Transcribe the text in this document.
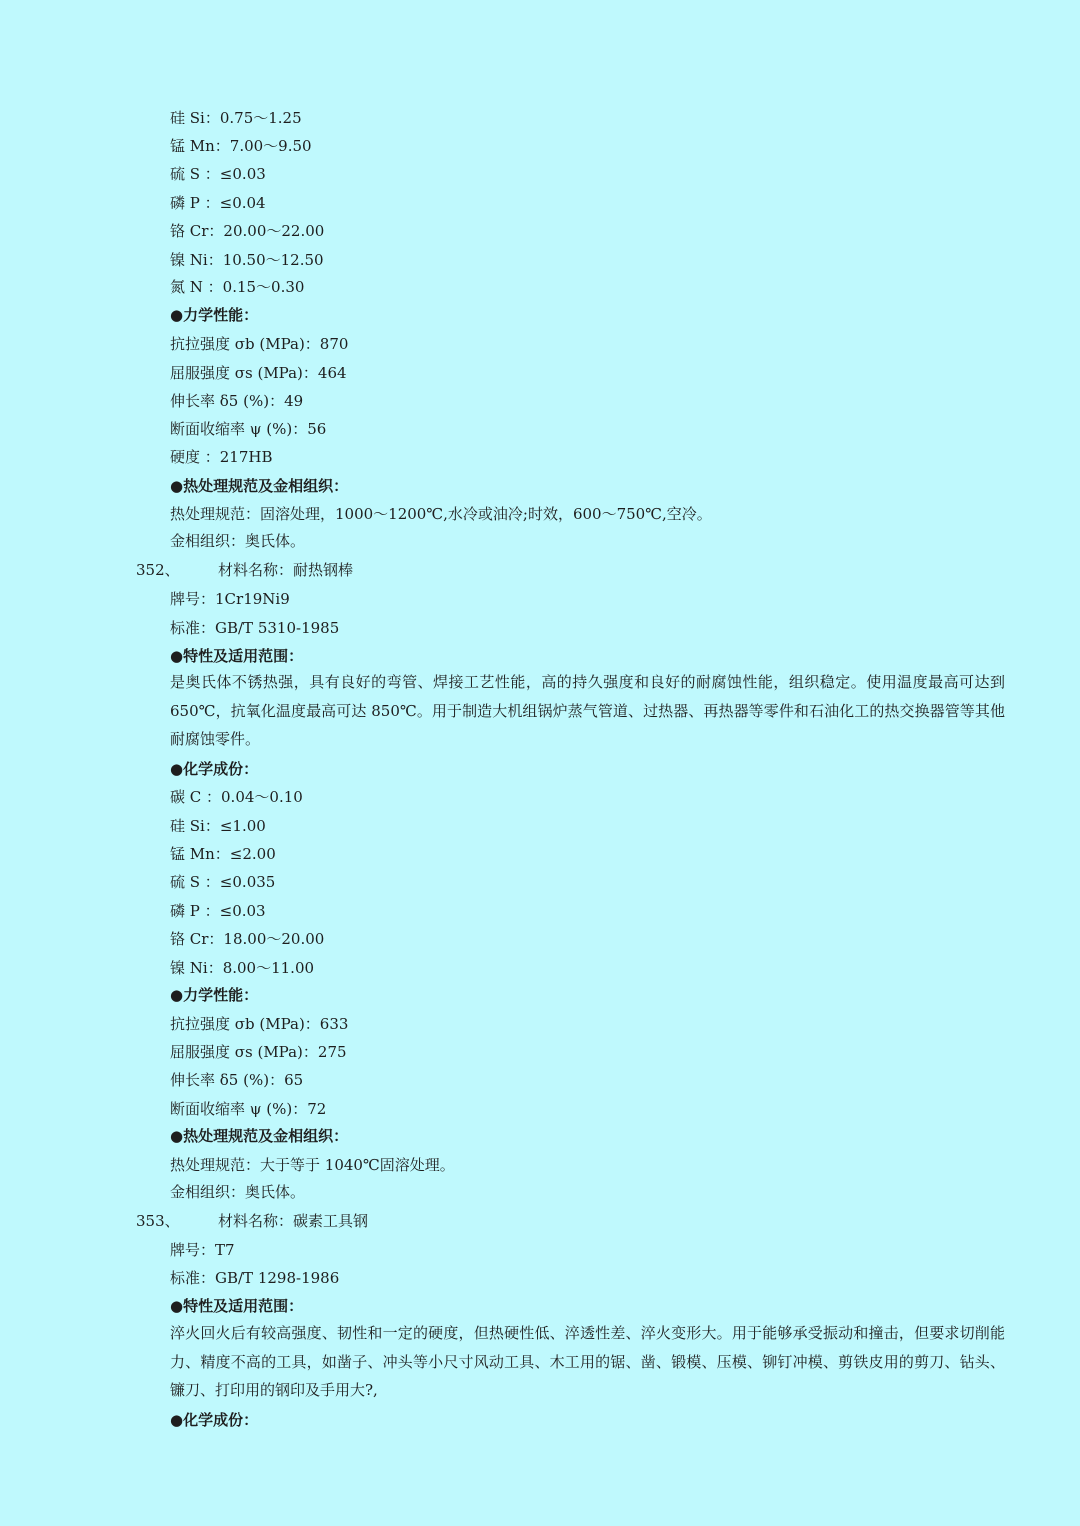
硅 Si：0.75～1.25
锰 Mn：7.00～9.50
硫 S ：≤0.03
磷 P ：≤0.04
铬 Cr：20.00～22.00
镍 Ni：10.50～12.50
氮 N ：0.15～0.30
●力学性能：
抗拉强度 σb (MPa)：870
屈服强度 σs (MPa)：464
伸长率 δ5 (%)：49
断面收缩率 ψ (%)：56
硬度 ：217HB
●热处理规范及金相组织：
热处理规范：固溶处理，1000～1200℃,水冷或油冷;时效，600～750℃,空冷。
金相组织：奥氏体。
352、	材料名称：耐热钢棒
牌号：1Cr19Ni9
标准：GB/T 5310-1985
●特性及适用范围：
是奥氏体不锈热强，具有良好的弯管、焊接工艺性能，高的持久强度和良好的耐腐蚀性能，组织稳定。使用温度最高可达到 650℃，抗氧化温度最高可达 850℃。用于制造大机组锅炉蒸气管道、过热器、再热器等零件和石油化工的热交换器管等其他耐腐蚀零件。
●化学成份：
碳 C ：0.04～0.10
硅 Si：≤1.00
锰 Mn：≤2.00
硫 S ：≤0.035
磷 P ：≤0.03
铬 Cr：18.00～20.00
镍 Ni：8.00～11.00
●力学性能：
抗拉强度 σb (MPa)：633
屈服强度 σs (MPa)：275
伸长率 δ5 (%)：65
断面收缩率 ψ (%)：72
●热处理规范及金相组织：
热处理规范：大于等于 1040℃固溶处理。
金相组织：奥氏体。
353、	材料名称：碳素工具钢
牌号：T7
标准：GB/T 1298-1986
●特性及适用范围：
淬火回火后有较高强度、韧性和一定的硬度，但热硬性低、淬透性差、淬火变形大。用于能够承受振动和撞击，但要求切削能力、精度不高的工具，如凿子、冲头等小尺寸风动工具、木工用的锯、凿、锻模、压模、铆钉冲模、剪铁皮用的剪刀、钻头、镰刀、打印用的钢印及手用大?,
●化学成份：
